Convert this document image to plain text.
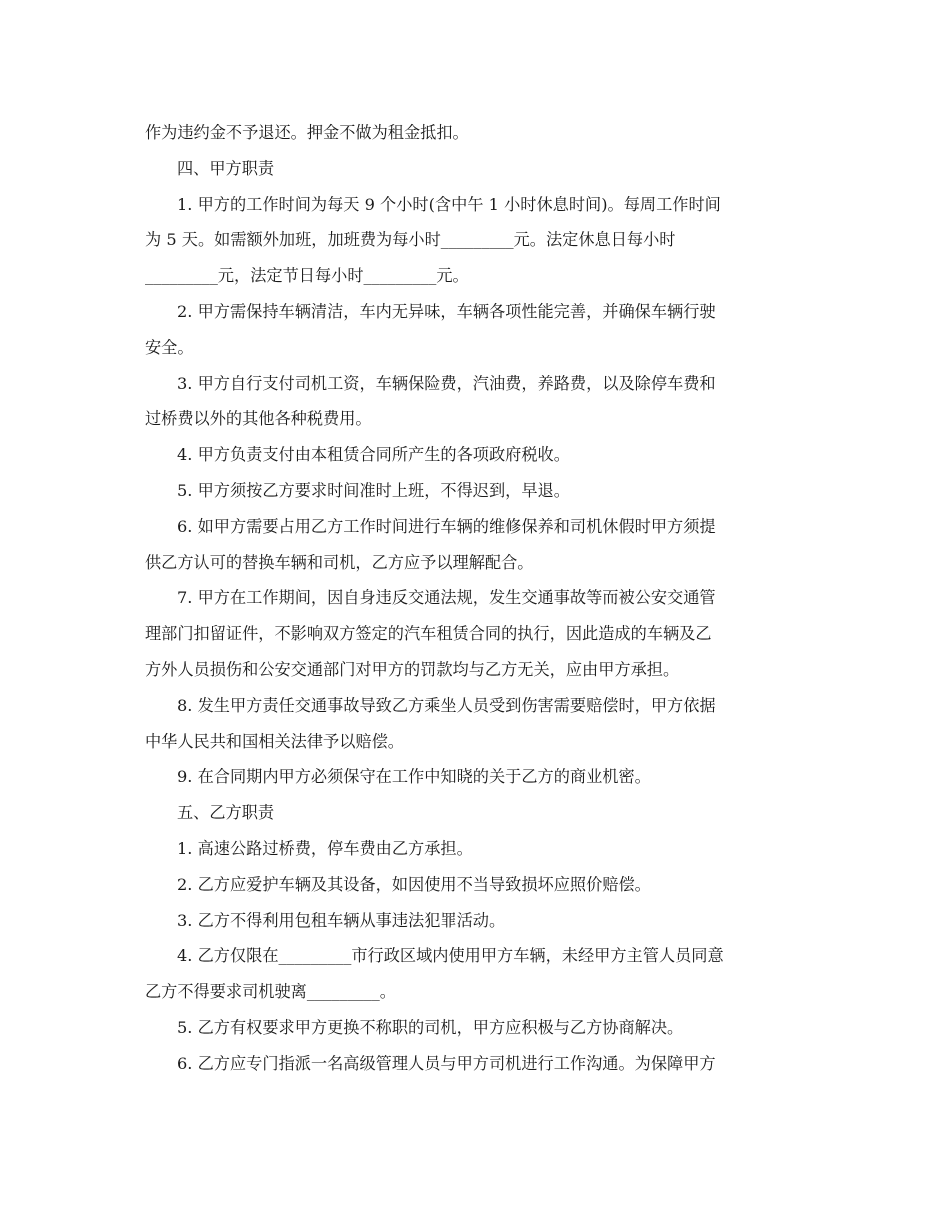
作为违约金不予退还。押金不做为租金抵扣。
四、甲方职责
1. 甲方的工作时间为每天 9 个小时(含中午 1 小时休息时间)。每周工作时间
为 5 天。如需额外加班，加班费为每小时_________元。法定休息日每小时
_________元，法定节日每小时_________元。
2. 甲方需保持车辆清洁，车内无异味，车辆各项性能完善，并确保车辆行驶
安全。
3. 甲方自行支付司机工资，车辆保险费，汽油费，养路费，以及除停车费和
过桥费以外的其他各种税费用。
4. 甲方负责支付由本租赁合同所产生的各项政府税收。
5. 甲方须按乙方要求时间准时上班，不得迟到，早退。
6. 如甲方需要占用乙方工作时间进行车辆的维修保养和司机休假时甲方须提
供乙方认可的替换车辆和司机，乙方应予以理解配合。
7. 甲方在工作期间，因自身违反交通法规，发生交通事故等而被公安交通管
理部门扣留证件，不影响双方签定的汽车租赁合同的执行，因此造成的车辆及乙
方外人员损伤和公安交通部门对甲方的罚款均与乙方无关，应由甲方承担。
8. 发生甲方责任交通事故导致乙方乘坐人员受到伤害需要赔偿时，甲方依据
中华人民共和国相关法律予以赔偿。
9. 在合同期内甲方必须保守在工作中知晓的关于乙方的商业机密。
五、乙方职责
1. 高速公路过桥费，停车费由乙方承担。
2. 乙方应爱护车辆及其设备，如因使用不当导致损坏应照价赔偿。
3. 乙方不得利用包租车辆从事违法犯罪活动。
4. 乙方仅限在_________市行政区域内使用甲方车辆，未经甲方主管人员同意
乙方不得要求司机驶离_________。
5. 乙方有权要求甲方更换不称职的司机，甲方应积极与乙方协商解决。
6. 乙方应专门指派一名高级管理人员与甲方司机进行工作沟通。为保障甲方
